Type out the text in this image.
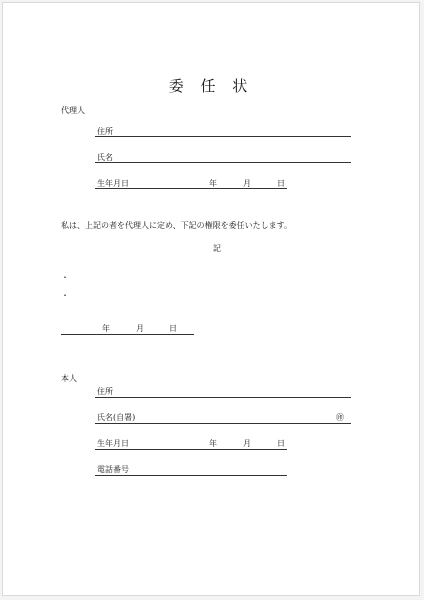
委 任 状
代理人
住所
氏名
生年月日	年	月	日
私は、上記の者を代理人に定め、下記の権限を委任いたします。
記
・
・
年	月	日
本人
住所
氏名(自署)	㊞
生年月日	年	月	日
電話番号
